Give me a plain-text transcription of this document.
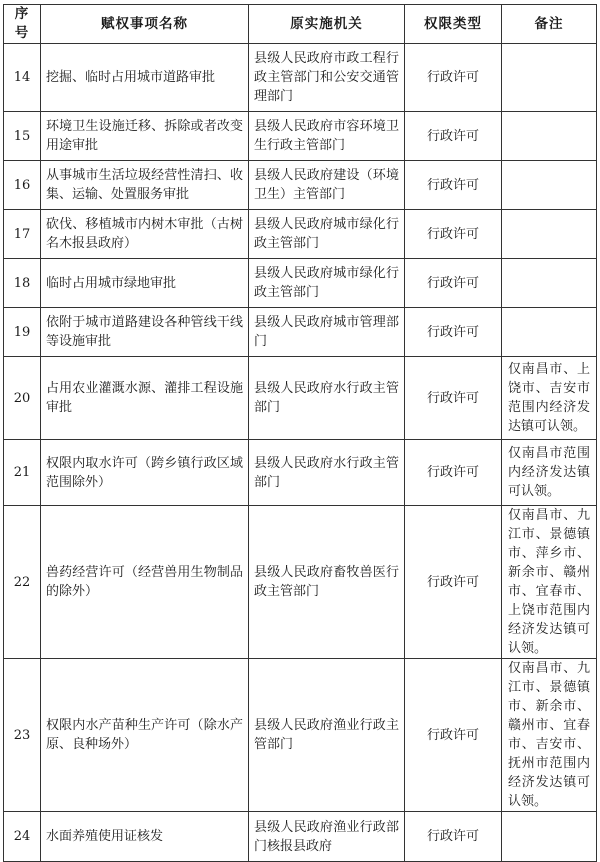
序号	赋权事项名称	原实施机关	权限类型	备注
14	挖掘、临时占用城市道路审批	县级人民政府市政工程行政主管部门和公安交通管理部门	行政许可	
15	环境卫生设施迁移、拆除或者改变用途审批	县级人民政府市容环境卫生行政主管部门	行政许可	
16	从事城市生活垃圾经营性清扫、收集、运输、处置服务审批	县级人民政府建设（环境卫生）主管部门	行政许可	
17	砍伐、移植城市内树木审批（古树名木报县政府）	县级人民政府城市绿化行政主管部门	行政许可	
18	临时占用城市绿地审批	县级人民政府城市绿化行政主管部门	行政许可	
19	依附于城市道路建设各种管线干线等设施审批	县级人民政府城市管理部门	行政许可	
20	占用农业灌溉水源、灌排工程设施审批	县级人民政府水行政主管部门	行政许可	仅南昌市、上饶市、吉安市范围内经济发达镇可认领。
21	权限内取水许可（跨乡镇行政区域范围除外）	县级人民政府水行政主管部门	行政许可	仅南昌市范围内经济发达镇可认领。
22	兽药经营许可（经营兽用生物制品的除外）	县级人民政府畜牧兽医行政主管部门	行政许可	仅南昌市、九江市、景德镇市、萍乡市、新余市、赣州市、宜春市、上饶市范围内经济发达镇可认领。
23	权限内水产苗种生产许可（除水产原、良种场外）	县级人民政府渔业行政主管部门	行政许可	仅南昌市、九江市、景德镇市、新余市、赣州市、宜春市、吉安市、抚州市范围内经济发达镇可认领。
24	水面养殖使用证核发	县级人民政府渔业行政部门核报县政府	行政许可	
